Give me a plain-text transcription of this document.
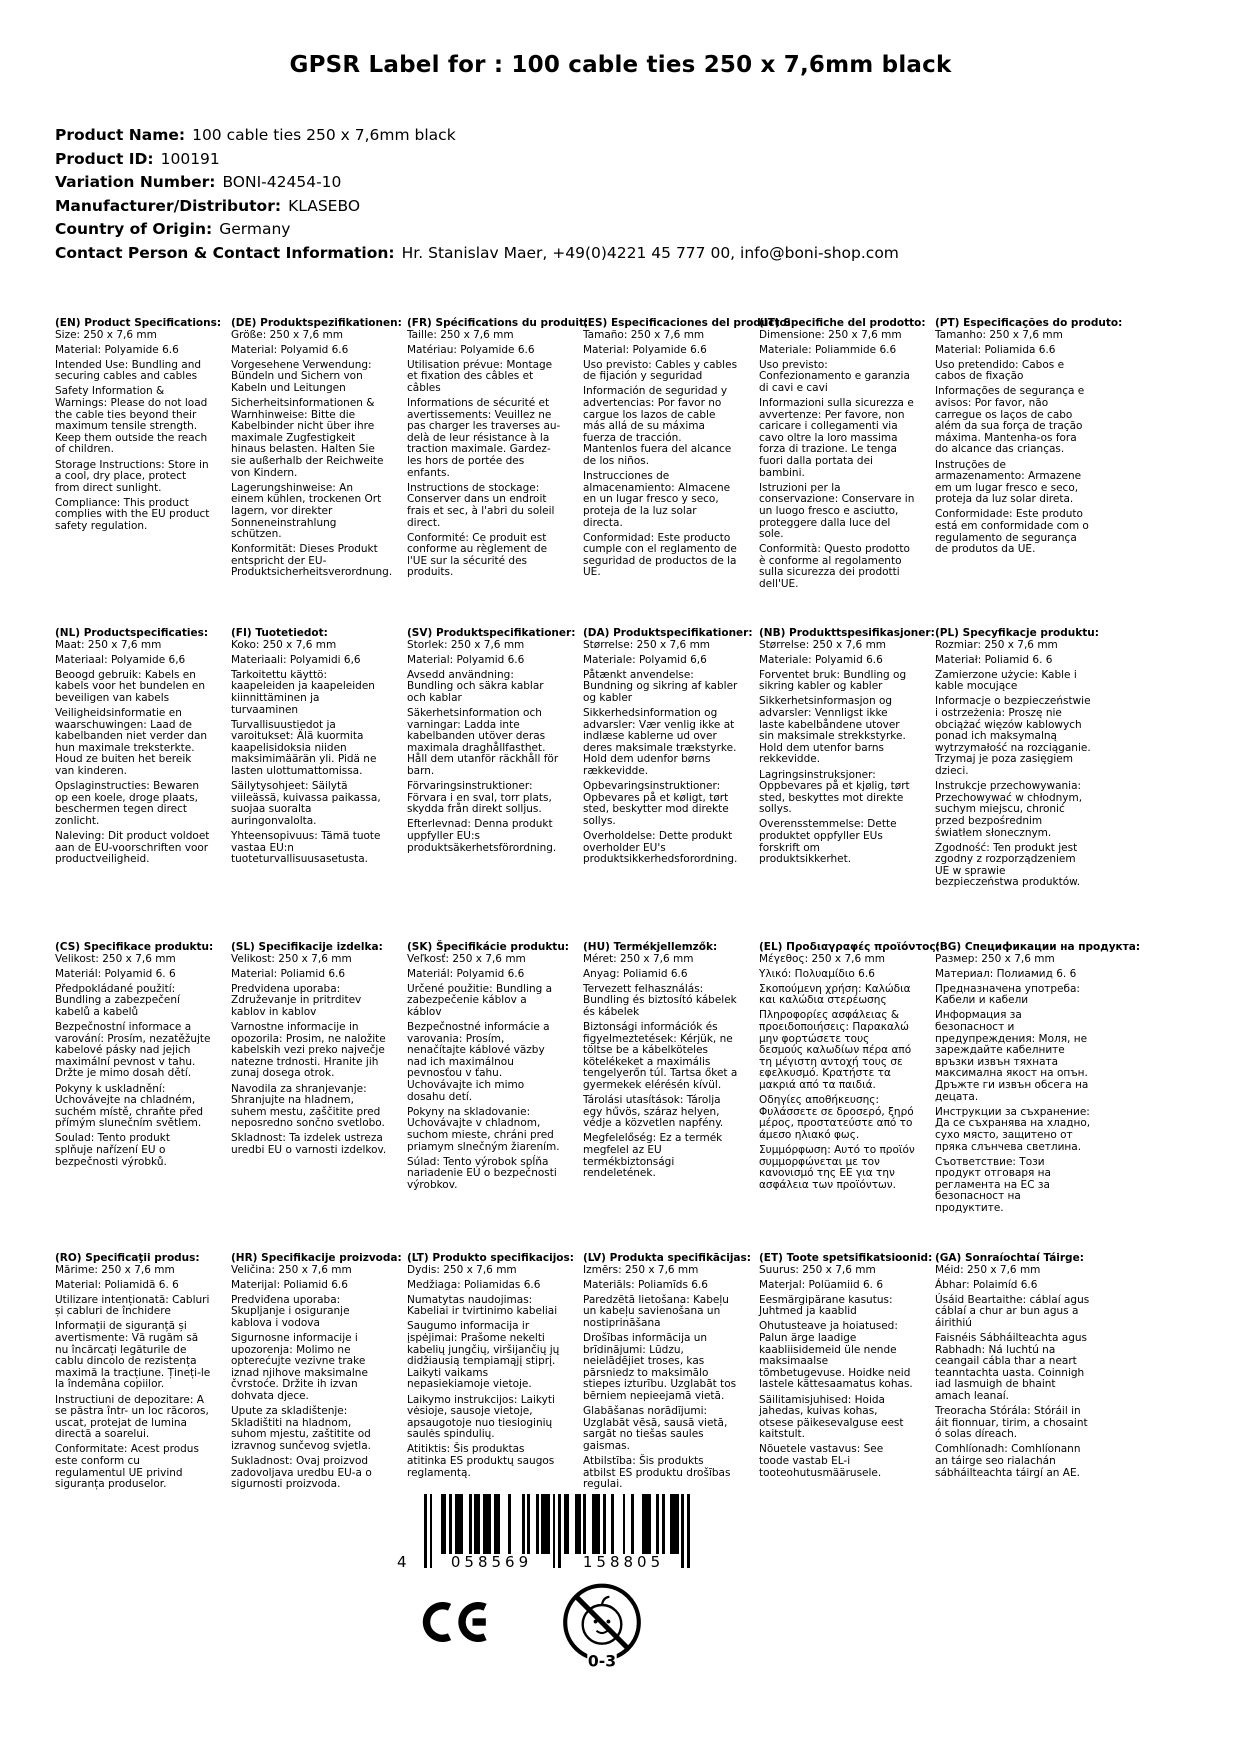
GPSR Label for : 100 cable ties 250 x 7,6mm black
Product Name: 100 cable ties 250 x 7,6mm black
Product ID: 100191
Variation Number: BONI-42454-10
Manufacturer/Distributor: KLASEBO
Country of Origin: Germany
Contact Person & Contact Information: Hr. Stanislav Maer, +49(0)4221 45 777 00, info@boni-shop.com
(EN) Product Specifications:

Size: 250 x 7,6 mm

Material: Polyamide 6.6

Intended Use: Bundling and securing cables and cables

Safety Information & Warnings: Please do not load the cable ties beyond their maximum tensile strength. Keep them outside the reach of children.

Storage Instructions: Store in a cool, dry place, protect from direct sunlight.

Compliance: This product complies with the EU product safety regulation.

(DE) Produktspezifikationen:

Größe: 250 x 7,6 mm

Material: Polyamid 6.6

Vorgesehene Verwendung: Bündeln und Sichern von Kabeln und Leitungen

Sicherheitsinformationen & Warnhinweise: Bitte die Kabelbinder nicht über ihre maximale Zugfestigkeit hinaus belasten. Halten Sie sie außerhalb der Reichweite von Kindern.

Lagerungshinweise: An einem kühlen, trockenen Ort lagern, vor direkter Sonneneinstrahlung schützen.

Konformität: Dieses Produkt entspricht der EU-Produktsicherheitsverordnung.

(FR) Spécifications du produit:

Taille: 250 x 7,6 mm

Matériau: Polyamide 6.6

Utilisation prévue: Montage et fixation des câbles et câbles

Informations de sécurité et avertissements: Veuillez ne pas charger les traverses au-delà de leur résistance à la traction maximale. Gardez-les hors de portée des enfants.

Instructions de stockage: Conserver dans un endroit frais et sec, à l'abri du soleil direct.

Conformité: Ce produit est conforme au règlement de l'UE sur la sécurité des produits.

(ES) Especificaciones del producto:

Tamaño: 250 x 7,6 mm

Material: Polyamide 6.6

Uso previsto: Cables y cables de fijación y seguridad

Información de seguridad y advertencias: Por favor no cargue los lazos de cable más allá de su máxima fuerza de tracción. Mantenlos fuera del alcance de los niños.

Instrucciones de almacenamiento: Almacene en un lugar fresco y seco, proteja de la luz solar directa.

Conformidad: Este producto cumple con el reglamento de seguridad de productos de la UE.

(IT) Specifiche del prodotto:

Dimensione: 250 x 7,6 mm

Materiale: Poliammide 6.6

Uso previsto: Confezionamento e garanzia di cavi e cavi

Informazioni sulla sicurezza e avvertenze: Per favore, non caricare i collegamenti via cavo oltre la loro massima forza di trazione. Le tenga fuori dalla portata dei bambini.

Istruzioni per la conservazione: Conservare in un luogo fresco e asciutto, proteggere dalla luce del sole.

Conformità: Questo prodotto è conforme al regolamento sulla sicurezza dei prodotti dell'UE.

(PT) Especificações do produto:

Tamanho: 250 x 7,6 mm

Material: Poliamida 6.6

Uso pretendido: Cabos e cabos de fixação

Informações de segurança e avisos: Por favor, não carregue os laços de cabo além da sua força de tração máxima. Mantenha-os fora do alcance das crianças.

Instruções de armazenamento: Armazene em um lugar fresco e seco, proteja da luz solar direta.

Conformidade: Este produto está em conformidade com o regulamento de segurança de produtos da UE.

(NL) Productspecificaties:

Maat: 250 x 7,6 mm

Materiaal: Polyamide 6,6

Beoogd gebruik: Kabels en kabels voor het bundelen en beveiligen van kabels

Veiligheidsinformatie en waarschuwingen: Laad de kabelbanden niet verder dan hun maximale treksterkte. Houd ze buiten het bereik van kinderen.

Opslaginstructies: Bewaren op een koele, droge plaats, beschermen tegen direct zonlicht.

Naleving: Dit product voldoet aan de EU-voorschriften voor productveiligheid.

(FI) Tuotetiedot:

Koko: 250 x 7,6 mm

Materiaali: Polyamidi 6,6

Tarkoitettu käyttö: kaapeleiden ja kaapeleiden kiinnittäminen ja turvaaminen

Turvallisuustiedot ja varoitukset: Älä kuormita kaapelisidoksia niiden maksimimäärän yli. Pidä ne lasten ulottumattomissa.

Säilytysohjeet: Säilytä viileässä, kuivassa paikassa, suojaa suoralta auringonvalolta.

Yhteensopivuus: Tämä tuote vastaa EU:n tuoteturvallisuusasetusta.

(SV) Produktspecifikationer:

Storlek: 250 x 7,6 mm

Material: Polyamid 6.6

Avsedd användning: Bundling och säkra kablar och kablar

Säkerhetsinformation och varningar: Ladda inte kabelbanden utöver deras maximala draghållfasthet. Håll dem utanför räckhåll för barn.

Förvaringsinstruktioner: Förvara i en sval, torr plats, skydda från direkt solljus.

Efterlevnad: Denna produkt uppfyller EU:s produktsäkerhetsförordning.

(DA) Produktspecifikationer:

Størrelse: 250 x 7,6 mm

Materiale: Polyamid 6,6

Påtænkt anvendelse: Bundning og sikring af kabler og kabler

Sikkerhedsinformation og advarsler: Vær venlig ikke at indlæse kablerne ud over deres maksimale trækstyrke. Hold dem udenfor børns rækkevidde.

Opbevaringsinstruktioner: Opbevares på et køligt, tørt sted, beskytter mod direkte sollys.

Overholdelse: Dette produkt overholder EU's produktsikkerhedsforordning.

(NB) Produkttspesifikasjoner:

Størrelse: 250 x 7,6 mm

Materiale: Polyamid 6.6

Forventet bruk: Bundling og sikring kabler og kabler

Sikkerhetsinformasjon og advarsler: Vennligst ikke laste kabelbåndene utover sin maksimale strekkstyrke. Hold dem utenfor barns rekkevidde.

Lagringsinstruksjoner: Oppbevares på et kjølig, tørt sted, beskyttes mot direkte sollys.

Overensstemmelse: Dette produktet oppfyller EUs forskrift om produktsikkerhet.

(PL) Specyfikacje produktu:

Rozmiar: 250 x 7,6 mm

Materiał: Poliamid 6. 6

Zamierzone użycie: Kable i kable mocujące

Informacje o bezpieczeństwie i ostrzeżenia: Proszę nie obciążać więzów kablowych ponad ich maksymalną wytrzymałość na rozciąganie. Trzymaj je poza zasięgiem dzieci.

Instrukcje przechowywania: Przechowywać w chłodnym, suchym miejscu, chronić przed bezpośrednim światłem słonecznym.

Zgodność: Ten produkt jest zgodny z rozporządzeniem UE w sprawie bezpieczeństwa produktów.

(CS) Specifikace produktu:

Velikost: 250 x 7,6 mm

Materiál: Polyamid 6. 6

Předpokládané použití: Bundling a zabezpečení kabelů a kabelů

Bezpečnostní informace a varování: Prosím, nezatěžujte kabelové pásky nad jejich maximální pevnost v tahu. Držte je mimo dosah dětí.

Pokyny k uskladnění: Uchovávejte na chladném, suchém místě, chraňte před přímým slunečním světlem.

Soulad: Tento produkt splňuje nařízení EU o bezpečnosti výrobků.

(SL) Specifikacije izdelka:

Velikost: 250 x 7,6 mm

Material: Poliamid 6.6

Predvidena uporaba: Združevanje in pritrditev kablov in kablov

Varnostne informacije in opozorila: Prosim, ne naložite kabelskih vezi preko največje natezne trdnosti. Hranite jih zunaj dosega otrok.

Navodila za shranjevanje: Shranjujte na hladnem, suhem mestu, zaščitite pred neposredno sončno svetlobo.

Skladnost: Ta izdelek ustreza uredbi EU o varnosti izdelkov.

(SK) Špecifikácie produktu:

Veľkosť: 250 x 7,6 mm

Materiál: Polyamid 6.6

Určené použitie: Bundling a zabezpečenie káblov a káblov

Bezpečnostné informácie a varovania: Prosím, nenačítajte káblové väzby nad ich maximálnou pevnosťou v ťahu. Uchovávajte ich mimo dosahu detí.

Pokyny na skladovanie: Uchovávajte v chladnom, suchom mieste, chráni pred priamym slnečným žiarením.

Súlad: Tento výrobok spĺňa nariadenie EÚ o bezpečnosti výrobkov.

(HU) Termékjellemzők:

Méret: 250 x 7,6 mm

Anyag: Poliamid 6.6

Tervezett felhasználás: Bundling és biztosító kábelek és kábelek

Biztonsági információk és figyelmeztetések: Kérjük, ne töltse be a kábelköteles kötelékeket a maximális tengelyerőn túl. Tartsa őket a gyermekek elérésén kívül.

Tárolási utasítások: Tárolja egy hűvös, száraz helyen, védje a közvetlen napfény.

Megfelelőség: Ez a termék megfelel az EU termékbiztonsági rendeletének.

(EL) Προδιαγραφές προϊόντος:

Μέγεθος: 250 x 7,6 mm

Υλικό: Πολυαμίδιο 6.6

Σκοπούμενη χρήση: Καλώδια και καλώδια στερέωσης

Πληροφορίες ασφάλειας & προειδοποιήσεις: Παρακαλώ μην φορτώσετε τους δεσμούς καλωδίων πέρα από τη μέγιστη αντοχή τους σε εφελκυσμό. Κρατήστε τα μακριά από τα παιδιά.

Οδηγίες αποθήκευσης: Φυλάσσετε σε δροσερό, ξηρό μέρος, προστατεύστε από το άμεσο ηλιακό φως.

Συμμόρφωση: Αυτό το προϊόν συμμορφώνεται με τον κανονισμό της ΕΕ για την ασφάλεια των προϊόντων.

(BG) Спецификации на продукта:

Размер: 250 x 7,6 mm

Материал: Полиамид 6. 6

Предназначена употреба: Кабели и кабели

Информация за безопасност и предупреждения: Моля, не зареждайте кабелните връзки извън тяхната максимална якост на опън. Дръжте ги извън обсега на децата.

Инструкции за съхранение: Да се съхранява на хладно, сухо място, защитено от пряка слънчева светлина.

Съответствие: Този продукт отговаря на регламента на ЕС за безопасност на продуктите.

(RO) Specificaţii produs:

Mărime: 250 x 7,6 mm

Material: Poliamidă 6. 6

Utilizare intenționată: Cabluri și cabluri de închidere

Informații de siguranță și avertismente: Vă rugăm să nu încărcați legăturile de cablu dincolo de rezistența maximă la tracțiune. Țineți-le la îndemâna copiilor.

Instructiuni de depozitare: A se păstra într- un loc răcoros, uscat, protejat de lumina directă a soarelui.

Conformitate: Acest produs este conform cu regulamentul UE privind siguranța produselor.

(HR) Specifikacije proizvoda:

Veličina: 250 x 7,6 mm

Materijal: Poliamid 6.6

Predviđena uporaba: Skupljanje i osiguranje kablova i vodova

Sigurnosne informacije i upozorenja: Molimo ne opterećujte vezivne trake iznad njihove maksimalne čvrstoće. Držite ih izvan dohvata djece.

Upute za skladištenje: Skladištiti na hladnom, suhom mjestu, zaštitite od izravnog sunčevog svjetla.

Sukladnost: Ovaj proizvod zadovoljava uredbu EU-a o sigurnosti proizvoda.

(LT) Produkto specifikacijos:

Dydis: 250 x 7,6 mm

Medžiaga: Poliamidas 6.6

Numatytas naudojimas: Kabeliai ir tvirtinimo kabeliai

Saugumo informacija ir įspėjimai: Prašome nekelti kabelių jungčių, viršijančių jų didžiausią tempiamąjį stiprį. Laikyti vaikams nepasiekiamoje vietoje.

Laikymo instrukcijos: Laikyti vėsioje, sausoje vietoje, apsaugotoje nuo tiesioginių saulės spindulių.

Atitiktis: Šis produktas atitinka ES produktų saugos reglamentą.

(LV) Produkta specifikācijas:

Izmērs: 250 x 7,6 mm

Materiāls: Poliamīds 6.6

Paredzētā lietošana: Kabeļu un kabeļu savienošana un nostiprināšana

Drošības informācija un brīdinājumi: Lūdzu, neielādējiet troses, kas pārsniedz to maksimālo stiepes izturību. Uzglabāt tos bērniem nepieejamā vietā.

Glabāšanas norādījumi: Uzglabāt vēsā, sausā vietā, sargāt no tiešas saules gaismas.

Atbilstība: Šis produkts atbilst ES produktu drošības regulai.

(ET) Toote spetsifikatsioonid:

Suurus: 250 x 7,6 mm

Materjal: Polüamiid 6. 6

Eesmärgipärane kasutus: Juhtmed ja kaablid

Ohutusteave ja hoiatused: Palun ärge laadige kaabliisidemeid üle nende maksimaalse tõmbetugevuse. Hoidke neid lastele kättesaamatus kohas.

Säilitamisjuhised: Hoida jahedas, kuivas kohas, otsese päikesevalguse eest kaitstult.

Nõuetele vastavus: See toode vastab EL-i tooteohutusmäärusele.

(GA) Sonraíochtaí Táirge:

Méid: 250 x 7,6 mm

Ábhar: Polaimíd 6.6

Úsáid Beartaithe: cáblaí agus cáblaí a chur ar bun agus a áirithiú

Faisnéis Sábháilteachta agus Rabhadh: Ná luchtú na ceangail cábla thar a neart teanntachta uasta. Coinnigh iad lasmuigh de bhaint amach leanaí.

Treoracha Stórála: Stóráil in áit fionnuar, tirim, a chosaint ó solas díreach.

Comhlíonadh: Comhlíonann an táirge seo rialachán sábháilteachta táirgí an AE.

4	058569	158805
0-3
